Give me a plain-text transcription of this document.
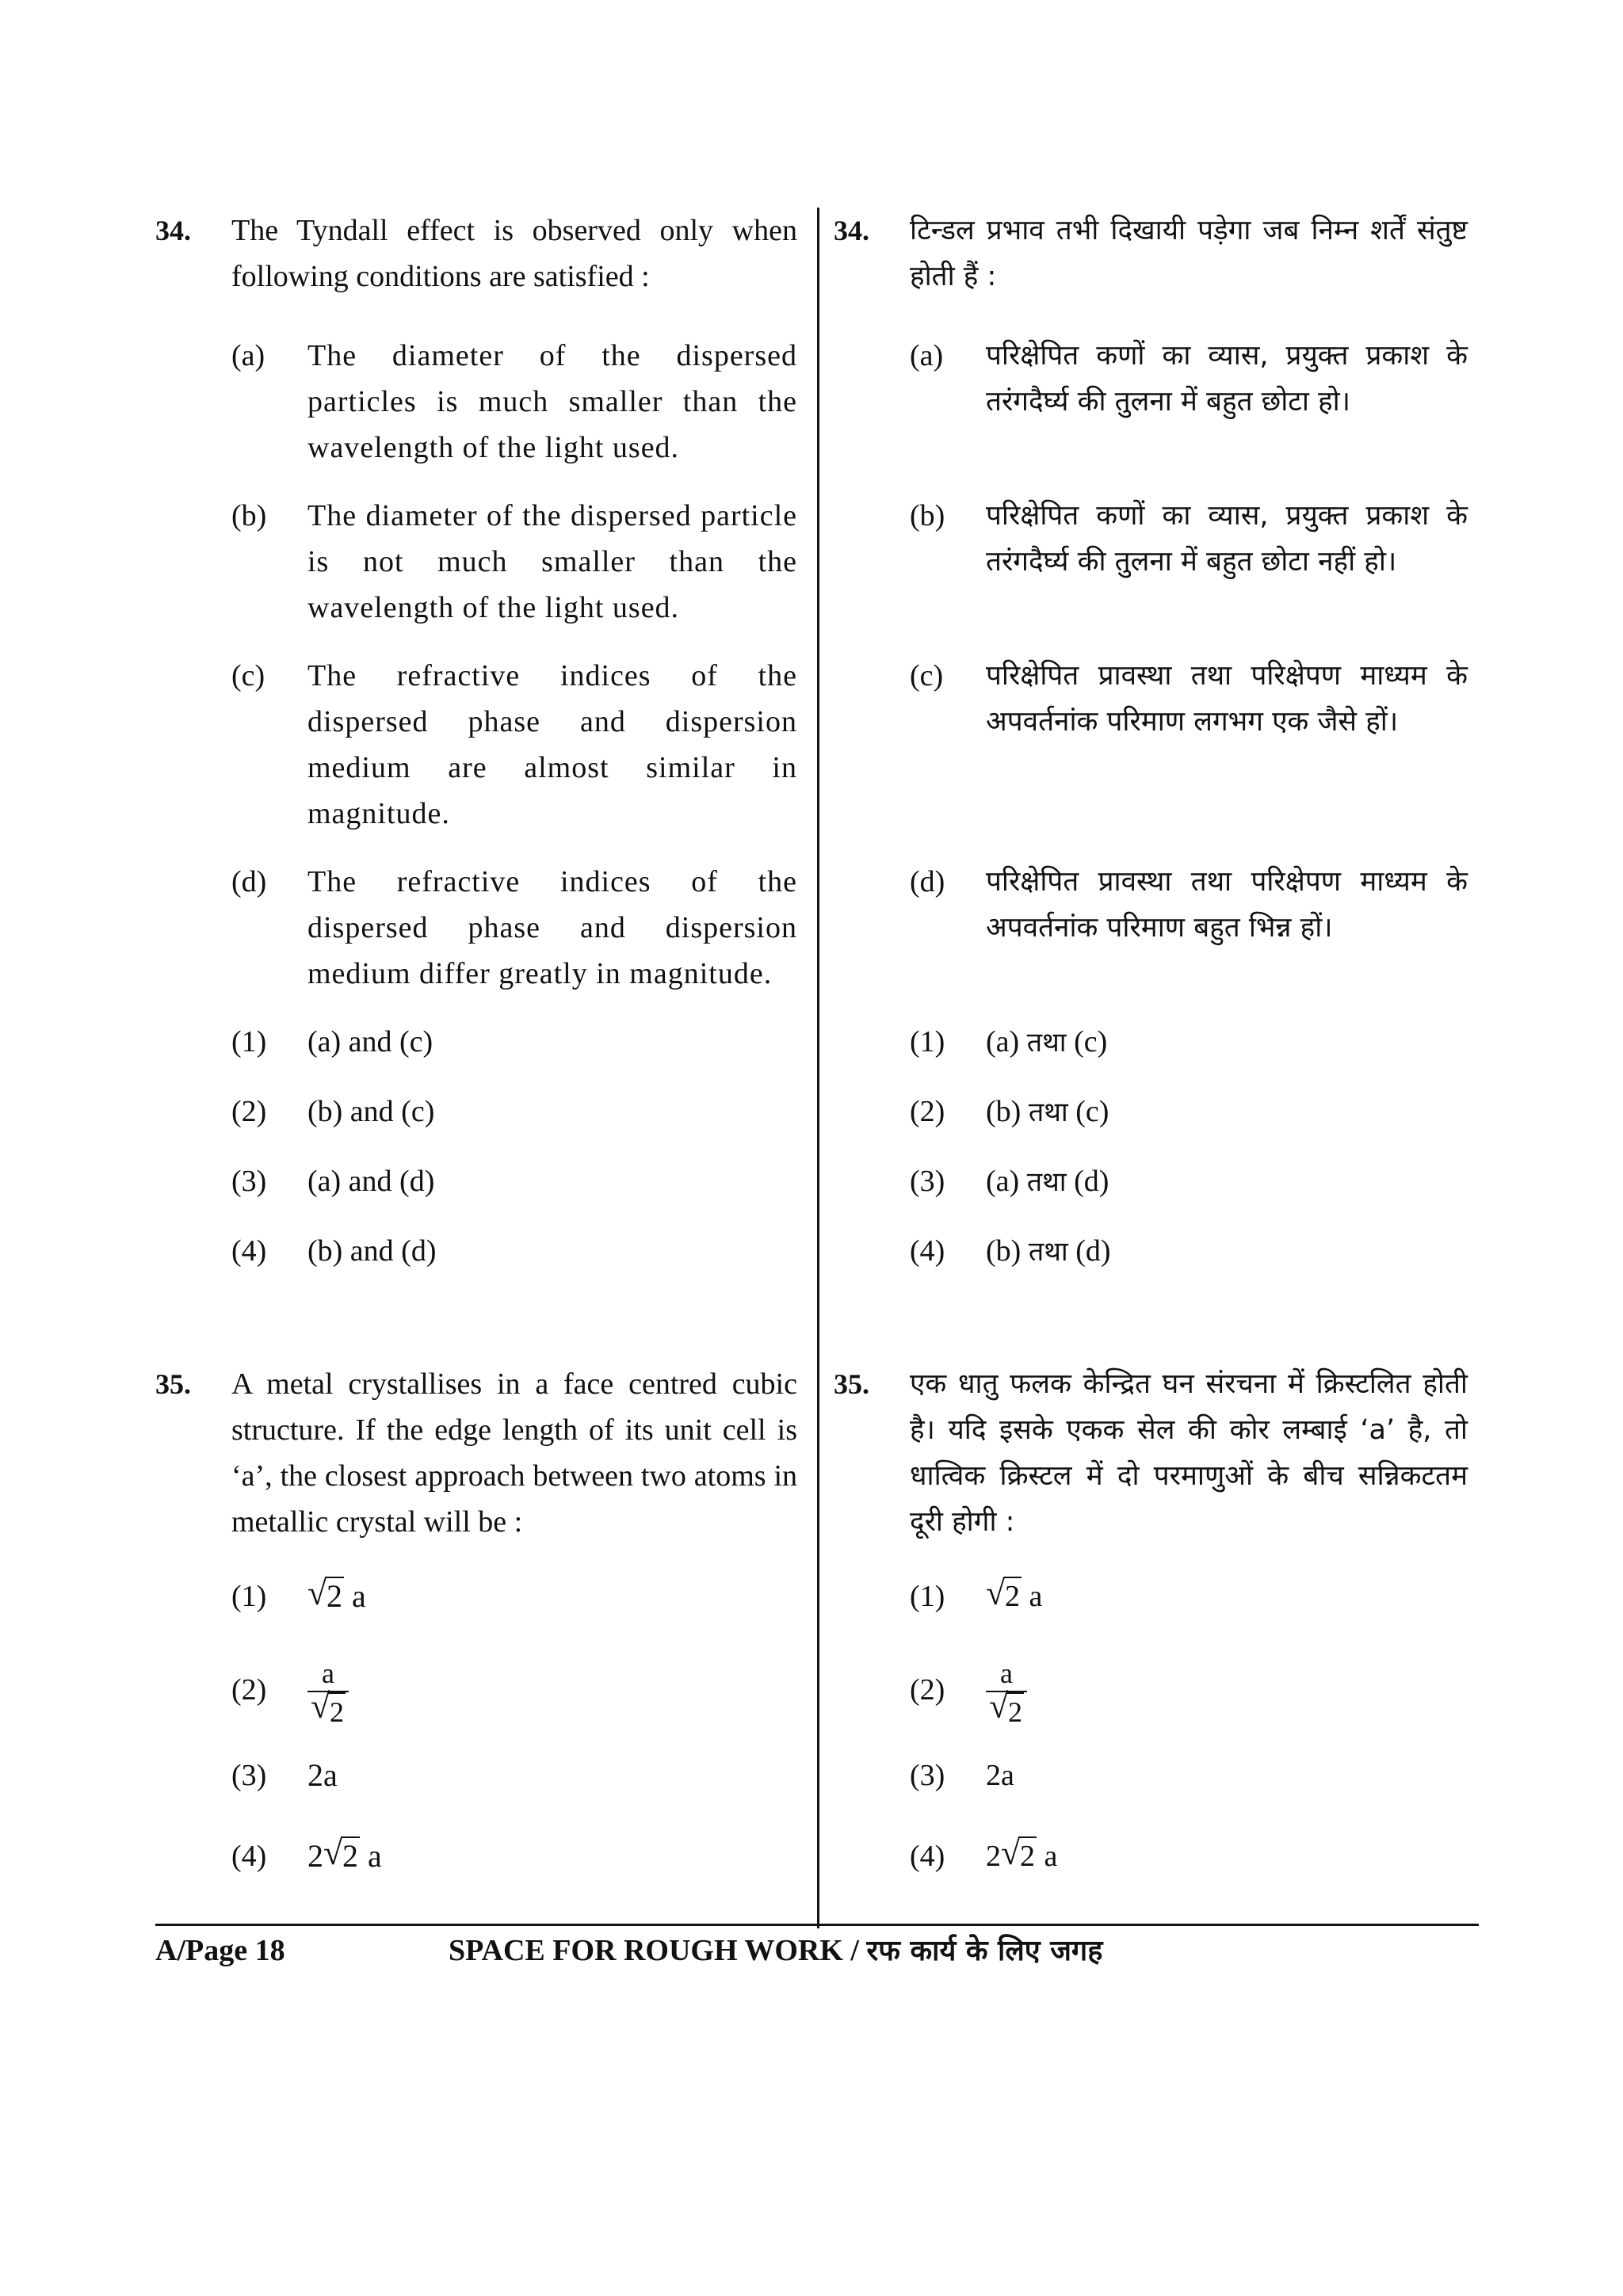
34. The Tyndall effect is observed only when following conditions are satisfied :
(a) The diameter of the dispersed particles is much smaller than the wavelength of the light used.
(b) The diameter of the dispersed particle is not much smaller than the wavelength of the light used.
(c) The refractive indices of the dispersed phase and dispersion medium are almost similar in magnitude.
(d) The refractive indices of the dispersed phase and dispersion medium differ greatly in magnitude.
(1) (a) and (c)
(2) (b) and (c)
(3) (a) and (d)
(4) (b) and (d)
35. A metal crystallises in a face centred cubic structure. If the edge length of its unit cell is ‘a’, the closest approach between two atoms in metallic crystal will be :
(1) √ 2 a
$(2) \frac{a}{√ 2}$
(3) 2a
(4) 2 √ 2 a
34. टिन्डल प्रभाव तभी दिखायी पड़ेगा जब निम्न शर्तें संतुष्ट होती हैं :
(a) परिक्षेपित कणों का व्यास, प्रयुक्त प्रकाश के तरंगदैर्घ्य की तुलना में बहुत छोटा हो।
(b) परिक्षेपित कणों का व्यास, प्रयुक्त प्रकाश के तरंगदैर्घ्य की तुलना में बहुत छोटा नहीं हो।
(c) परिक्षेपित प्रावस्था तथा परिक्षेपण माध्यम के अपवर्तनांक परिमाण लगभग एक जैसे हों।
(d) परिक्षेपित प्रावस्था तथा परिक्षेपण माध्यम के अपवर्तनांक परिमाण बहुत भिन्न हों।
(1) (a) तथा (c)
(2) (b) तथा (c)
(3) (a) तथा (d)
(4) (b) तथा (d)
35. एक धातु फलक केन्द्रित घन संरचना में क्रिस्टलित होती है। यदि इसके एकक सेल की कोर लम्बाई ‘a’ है, तो धात्विक क्रिस्टल में दो परमाणुओं के बीच सन्निकटतम दूरी होगी :
(1) √ 2 a
$(2) \frac{a}{√ 2}$
(3) 2a
(4) 2 √ 2 a
A/Page 18	SPACE FOR ROUGH WORK / रफ कार्य के लिए जगह
